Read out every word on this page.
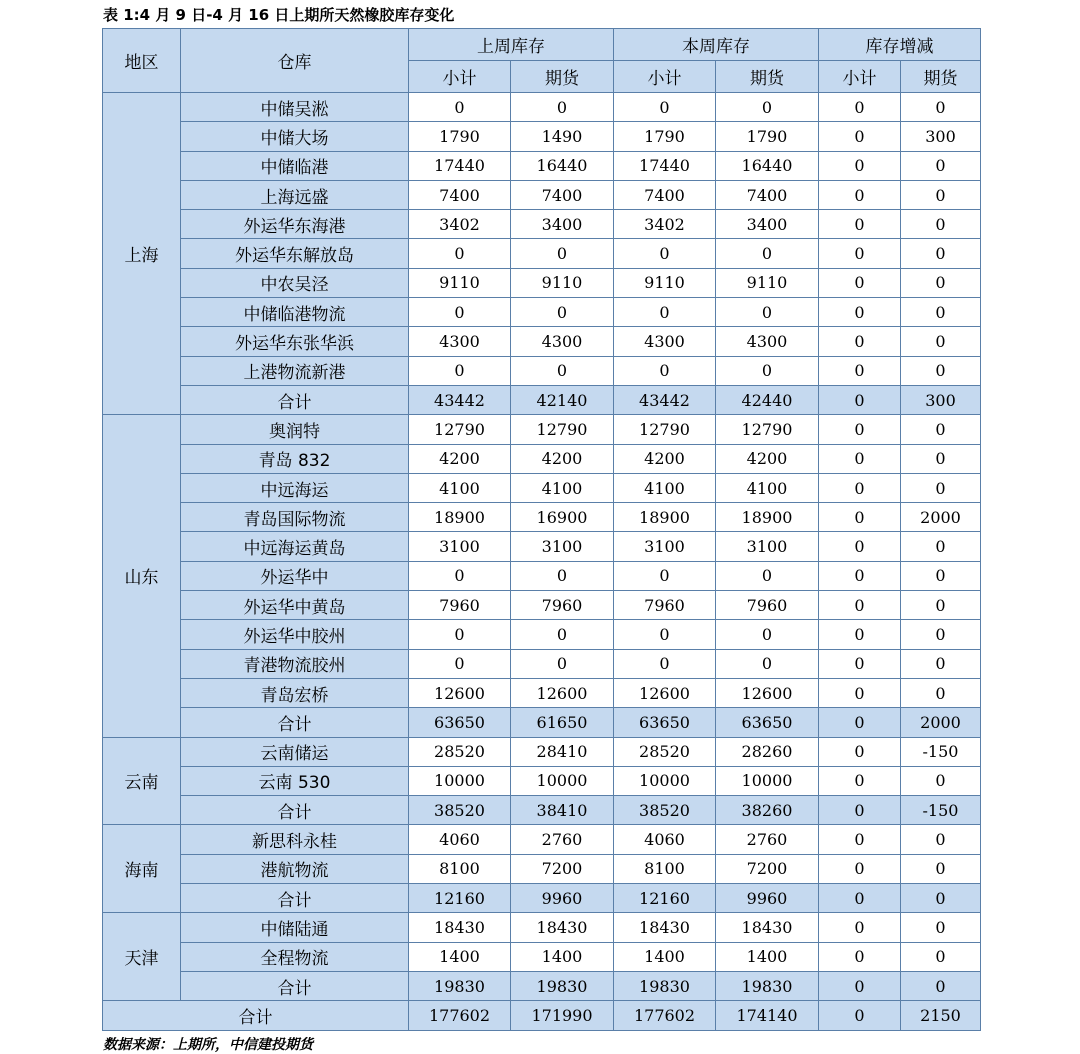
表 1:4 月 9 日-4 月 16 日上期所天然橡胶库存变化
地区	仓库	上周库存		本周库存		库存增减	
		小计	期货	小计	期货	小计	期货
上海	中储吴淞	0	0	0	0	0	0
	中储大场	1790	1490	1790	1790	0	300
	中储临港	17440	16440	17440	16440	0	0
	上海远盛	7400	7400	7400	7400	0	0
	外运华东海港	3402	3400	3402	3400	0	0
	外运华东解放岛	0	0	0	0	0	0
	中农吴泾	9110	9110	9110	9110	0	0
	中储临港物流	0	0	0	0	0	0
	外运华东张华浜	4300	4300	4300	4300	0	0
	上港物流新港	0	0	0	0	0	0
	合计	43442	42140	43442	42440	0	300
山东	奥润特	12790	12790	12790	12790	0	0
	青岛 832	4200	4200	4200	4200	0	0
	中远海运	4100	4100	4100	4100	0	0
	青岛国际物流	18900	16900	18900	18900	0	2000
	中远海运黄岛	3100	3100	3100	3100	0	0
	外运华中	0	0	0	0	0	0
	外运华中黄岛	7960	7960	7960	7960	0	0
	外运华中胶州	0	0	0	0	0	0
	青港物流胶州	0	0	0	0	0	0
	青岛宏桥	12600	12600	12600	12600	0	0
	合计	63650	61650	63650	63650	0	2000
云南	云南储运	28520	28410	28520	28260	0	-150
	云南 530	10000	10000	10000	10000	0	0
	合计	38520	38410	38520	38260	0	-150
海南	新思科永桂	4060	2760	4060	2760	0	0
	港航物流	8100	7200	8100	7200	0	0
	合计	12160	9960	12160	9960	0	0
天津	中储陆通	18430	18430	18430	18430	0	0
	全程物流	1400	1400	1400	1400	0	0
	合计	19830	19830	19830	19830	0	0
合计		177602	171990	177602	174140	0	2150
数据来源：上期所，中信建投期货
